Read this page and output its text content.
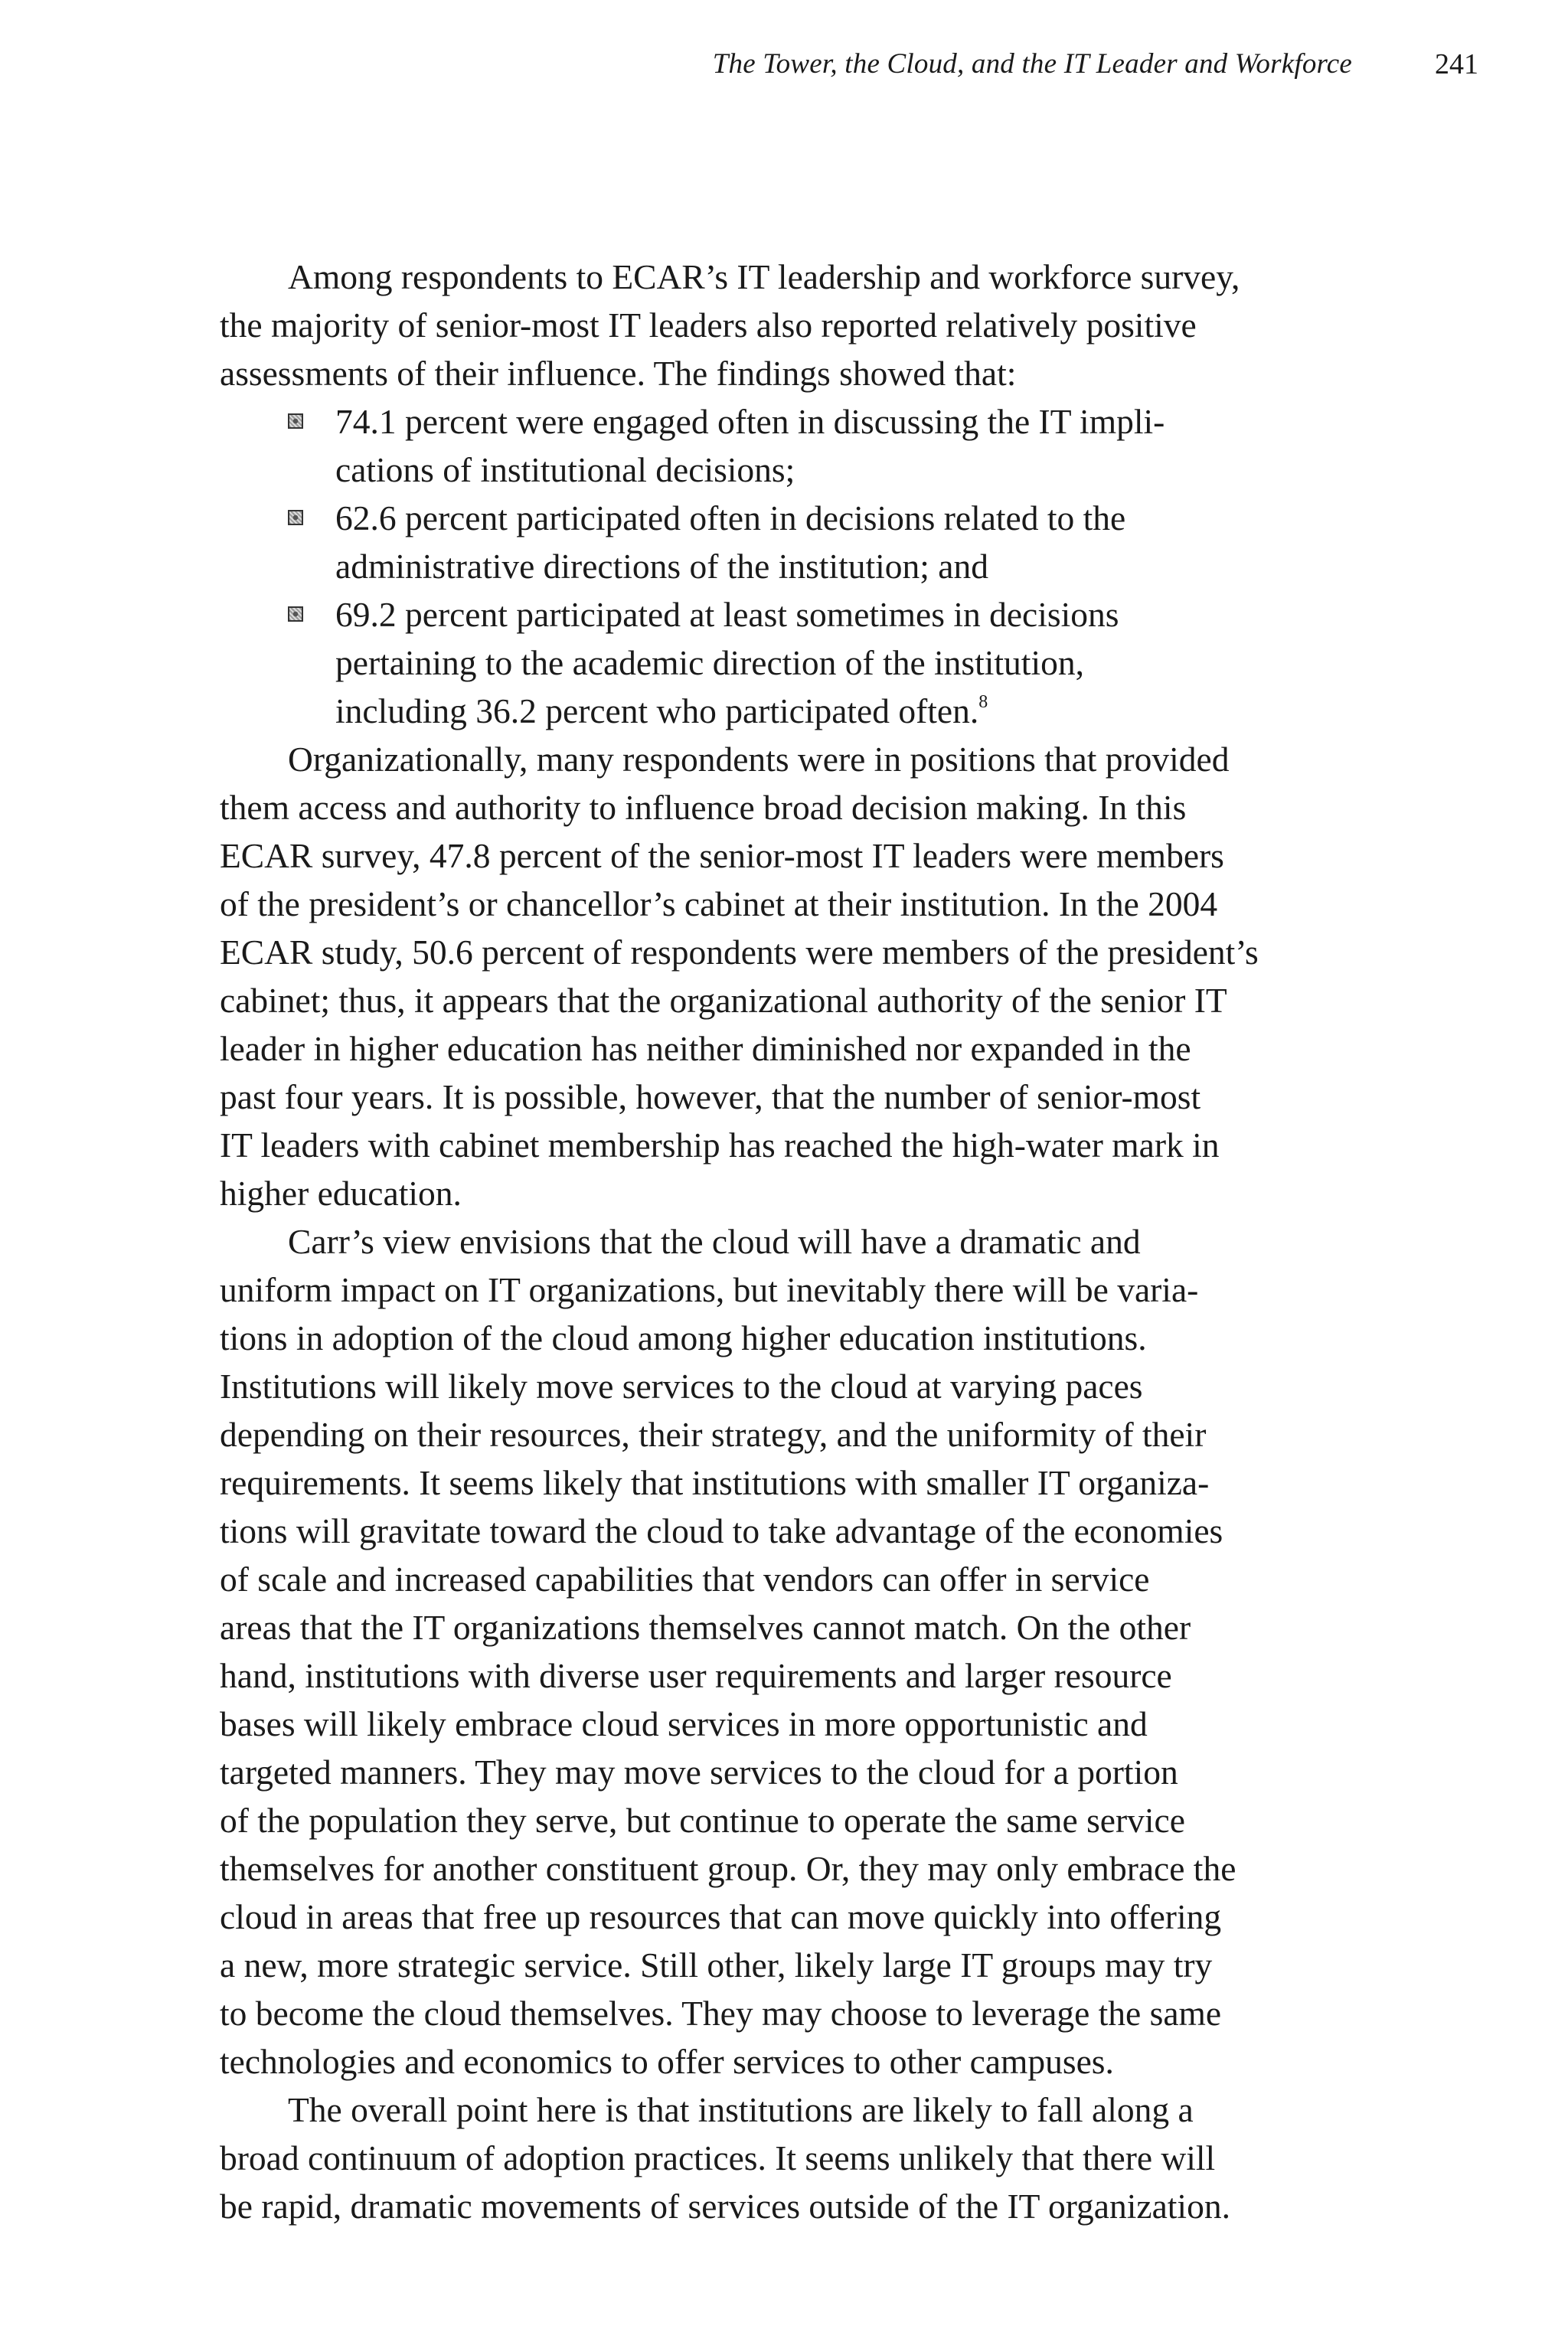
The Tower, the Cloud, and the IT Leader and Workforce	241
Among respondents to ECAR’s IT leadership and workforce survey,
the majority of senior-most IT leaders also reported relatively positive
assessments of their influence. The findings showed that:
74.1 percent were engaged often in discussing the IT impli-
cations of institutional decisions;
62.6 percent participated often in decisions related to the
administrative directions of the institution; and
69.2 percent participated at least sometimes in decisions
pertaining to the academic direction of the institution,
including 36.2 percent who participated often.$^8$
Organizationally, many respondents were in positions that provided
them access and authority to influence broad decision making. In this
ECAR survey, 47.8 percent of the senior-most IT leaders were members
of the president’s or chancellor’s cabinet at their institution. In the 2004
ECAR study, 50.6 percent of respondents were members of the president’s
cabinet; thus, it appears that the organizational authority of the senior IT
leader in higher education has neither diminished nor expanded in the
past four years. It is possible, however, that the number of senior-most
IT leaders with cabinet membership has reached the high-water mark in
higher education.
Carr’s view envisions that the cloud will have a dramatic and
uniform impact on IT organizations, but inevitably there will be varia-
tions in adoption of the cloud among higher education institutions.
Institutions will likely move services to the cloud at varying paces
depending on their resources, their strategy, and the uniformity of their
requirements. It seems likely that institutions with smaller IT organiza-
tions will gravitate toward the cloud to take advantage of the economies
of scale and increased capabilities that vendors can offer in service
areas that the IT organizations themselves cannot match. On the other
hand, institutions with diverse user requirements and larger resource
bases will likely embrace cloud services in more opportunistic and
targeted manners. They may move services to the cloud for a portion
of the population they serve, but continue to operate the same service
themselves for another constituent group. Or, they may only embrace the
cloud in areas that free up resources that can move quickly into offering
a new, more strategic service. Still other, likely large IT groups may try
to become the cloud themselves. They may choose to leverage the same
technologies and economics to offer services to other campuses.
The overall point here is that institutions are likely to fall along a
broad continuum of adoption practices. It seems unlikely that there will
be rapid, dramatic movements of services outside of the IT organization.
